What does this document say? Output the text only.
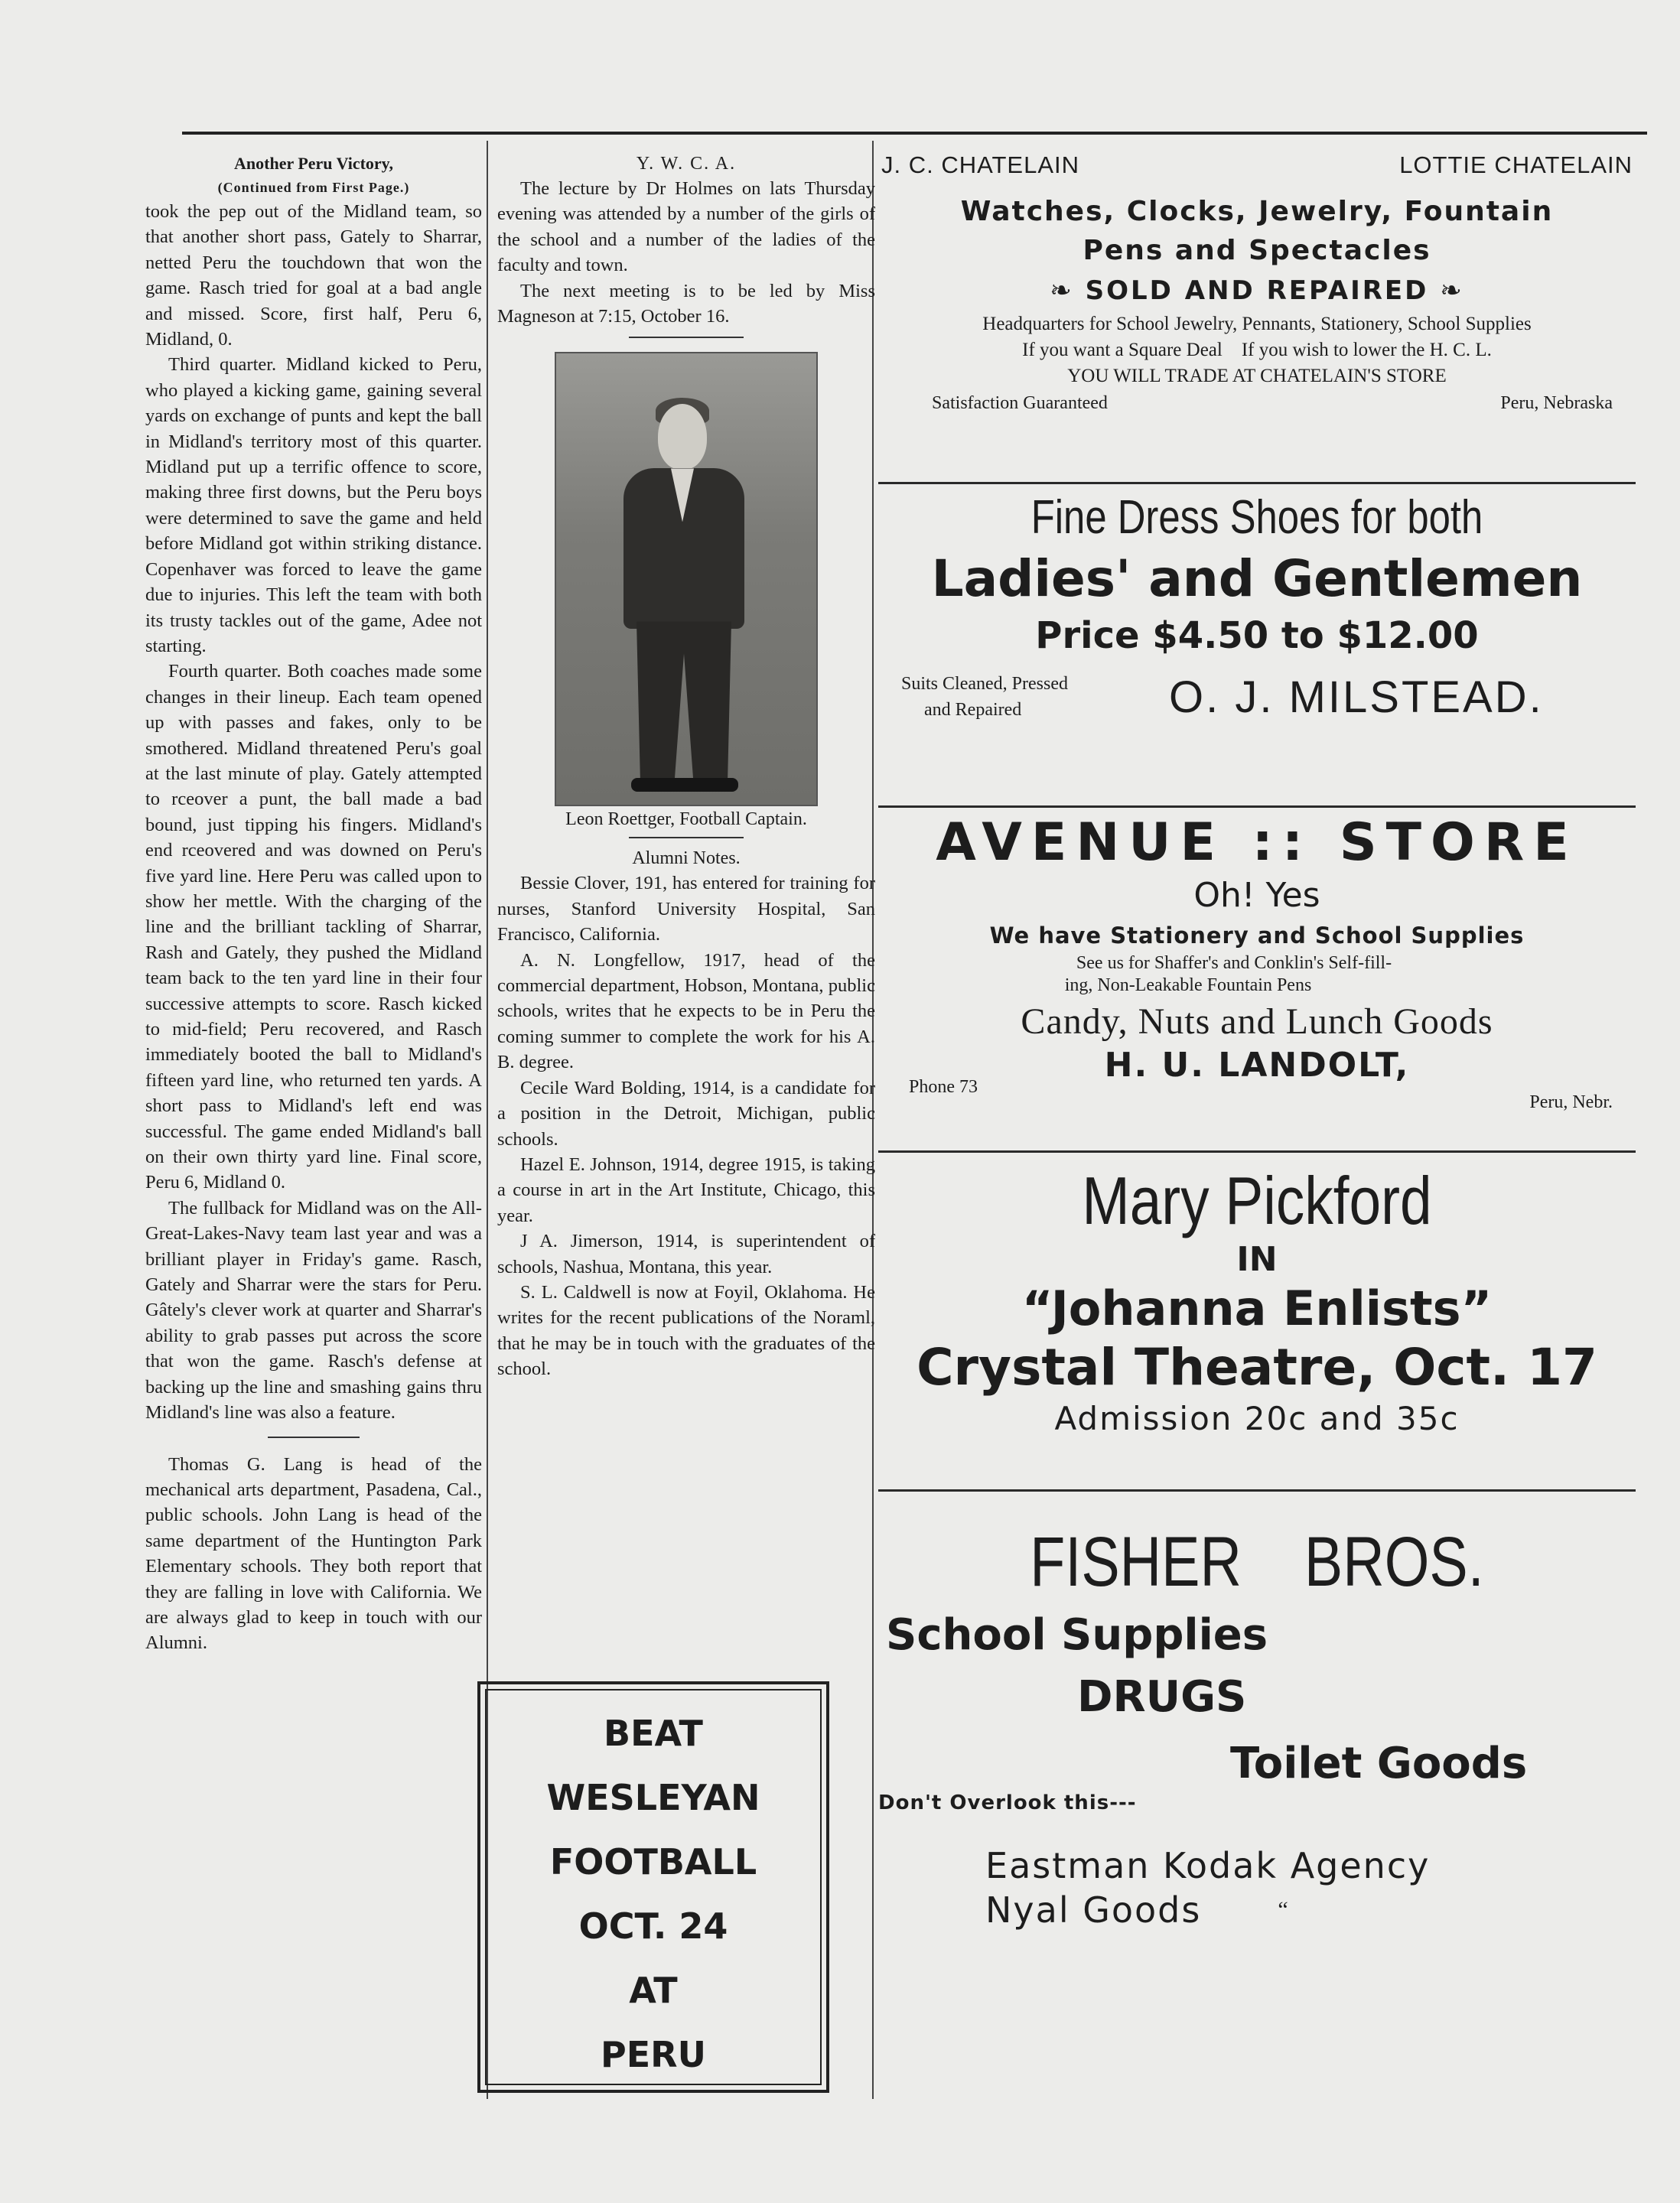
Another Peru Victory,

(Continued from First Page.)

took the pep out of the Midland team, so that another short pass, Gately to Sharrar, netted Peru the touchdown that won the game. Rasch tried for goal at a bad angle and missed. Score, first half, Peru 6, Midland, 0.

Third quarter. Midland kicked to Peru, who played a kicking game, gaining several yards on exchange of punts and kept the ball in Midland's territory most of this quarter. Midland put up a terrific offence to score, making three first downs, but the Peru boys were determined to save the game and held before Midland got within striking distance. Copenhaver was forced to leave the game due to injuries. This left the team with both its trusty tackles out of the game, Adee not starting.

Fourth quarter. Both coaches made some changes in their lineup. Each team opened up with passes and fakes, only to be smothered. Midland threatened Peru's goal at the last minute of play. Gately attempted to rceover a punt, the ball made a bad bound, just tipping his fingers. Midland's end rceovered and was downed on Peru's five yard line. Here Peru was called upon to show her mettle. With the charging of the line and the brilliant tackling of Sharrar, Rash and Gately, they pushed the Midland team back to the ten yard line in their four successive attempts to score. Rasch kicked to mid-field; Peru recovered, and Rasch immediately booted the ball to Midland's fifteen yard line, who returned ten yards. A short pass to Midland's left end was successful. The game ended Midland's ball on their own thirty yard line. Final score, Peru 6, Midland 0.

The fullback for Midland was on the All-Great-Lakes-Navy team last year and was a brilliant player in Friday's game. Rasch, Gately and Sharrar were the stars for Peru. Gâtely's clever work at quarter and Sharrar's ability to grab passes put across the score that won the game. Rasch's defense at backing up the line and smashing gains thru Midland's line was also a feature.

Thomas G. Lang is head of the mechanical arts department, Pasadena, Cal., public schools. John Lang is head of the same department of the Huntington Park Elementary schools. They both report that they are falling in love with California. We are always glad to keep in touch with our Alumni.

Y. W. C. A.

The lecture by Dr Holmes on lats Thursday evening was attended by a number of the girls of the school and a number of the ladies of the faculty and town.

The next meeting is to be led by Miss Magneson at 7:15, October 16.

Leon Roettger, Football Captain.

Alumni Notes.

Bessie Clover, 191, has entered for training for nurses, Stanford University Hospital, San Francisco, California.

A. N. Longfellow, 1917, head of the commercial department, Hobson, Montana, public schools, writes that he expects to be in Peru the coming summer to complete the work for his A. B. degree.

Cecile Ward Bolding, 1914, is a candidate for a position in the Detroit, Michigan, public schools.

Hazel E. Johnson, 1914, degree 1915, is taking a course in art in the Art Institute, Chicago, this year.

J A. Jimerson, 1914, is superintendent of schools, Nashua, Montana, this year.

S. L. Caldwell is now at Foyil, Oklahoma. He writes for the recent publications of the Noraml, that he may be in touch with the graduates of the school.

BEAT
WESLEYAN
FOOTBALL
OCT. 24
AT
PERU
J. C. CHATELAIN	LOTTIE CHATELAIN
Watches, Clocks, Jewelry, Fountain
Pens and Spectacles
❧ SOLD AND REPAIRED ❧
Headquarters for School Jewelry, Pennants, Stationery, School Supplies
If you want a Square Deal    If you wish to lower the H. C. L.
YOU WILL TRADE AT CHATELAIN'S STORE
Satisfaction Guaranteed	Peru, Nebraska
Fine Dress Shoes for both
Ladies' and Gentlemen
Price $4.50 to $12.00
Suits Cleaned, Pressed
and Repaired	O. J. MILSTEAD.
AVENUE :: STORE
Oh! Yes
We have Stationery and School Supplies
See us for Shaffer's and Conklin's Self-fill-
ing, Non-Leakable Fountain Pens
Candy, Nuts and Lunch Goods
H. U. LANDOLT,
Phone 73
Peru, Nebr.
Mary Pickford
IN
“Johanna Enlists”
Crystal Theatre, Oct. 17
Admission 20c and 35c
FISHER BROS.
School Supplies
DRUGS
Toilet Goods
Don't Overlook this---
Eastman Kodak Agency
Nyal Goods	“
